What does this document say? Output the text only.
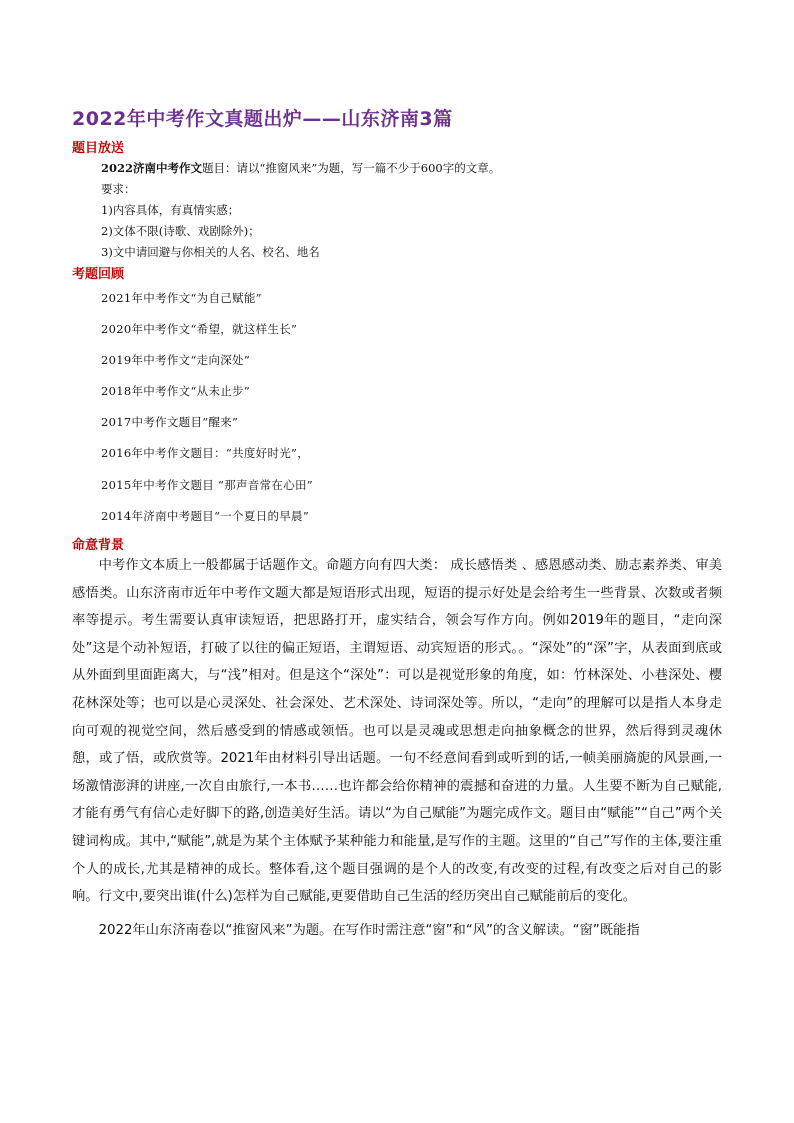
2022年中考作文真题出炉——山东济南3篇
题目放送
2022济南中考作文题目：请以“推窗风来”为题，写一篇不少于600字的文章。
要求：
1)内容具体，有真情实感；
2)文体不限(诗歌、戏剧除外)；
3)文中请回避与你相关的人名、校名、地名
考题回顾
2021年中考作文“为自己赋能”
2020年中考作文“希望，就这样生长”
2019年中考作文“走向深处”
2018年中考作文“从未止步”
2017中考作文题目“醒来”
2016年中考作文题目：“共度好时光”，
2015年中考作文题目 “那声音常在心田”
2014年济南中考题目“一个夏日的早晨”
命意背景

中考作文本质上一般都属于话题作文。命题方向有四大类： 成长感悟类 、感恩感动类、励志素养类、审美感悟类。山东济南市近年中考作文题大都是短语形式出现，短语的提示好处是会给考生一些背景、次数或者频率等提示。考生需要认真审读短语，把思路打开，虚实结合，领会写作方向。例如2019年的题目，“走向深处”这是个动补短语，打破了以往的偏正短语，主谓短语、动宾短语的形式。。“深处”的“深”字，从表面到底或从外面到里面距离大，与“浅”相对。但是这个“深处”：可以是视觉形象的角度，如：竹林深处、小巷深处、樱花林深处等；也可以是心灵深处、社会深处、艺术深处、诗词深处等。所以，“走向”的理解可以是指人本身走向可观的视觉空间，然后感受到的情感或领悟。也可以是灵魂或思想走向抽象概念的世界，然后得到灵魂休憩，或了悟，或欣赏等。2021年由材料引导出话题。一句不经意间看到或听到的话,一帧美丽旖旎的风景画,一场激情澎湃的讲座,一次自由旅行,一本书……也许都会给你精神的震撼和奋进的力量。人生要不断为自己赋能,才能有勇气有信心走好脚下的路,创造美好生活。请以“为自己赋能”为题完成作文。题目由“赋能”“自己”两个关键词构成。其中,“赋能”,就是为某个主体赋予某种能力和能量,是写作的主题。这里的“自己”写作的主体,要注重个人的成长,尤其是精神的成长。整体看,这个题目强调的是个人的改变,有改变的过程,有改变之后对自己的影响。行文中,要突出谁(什么)怎样为自己赋能,更要借助自己生活的经历突出自己赋能前后的变化。

2022年山东济南卷以“推窗风来”为题。在写作时需注意“窗”和“风”的含义解读。“窗”既能指
